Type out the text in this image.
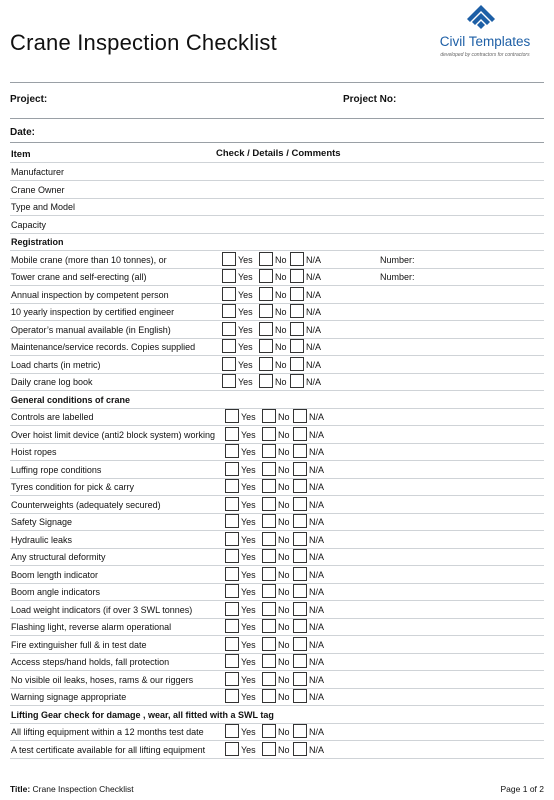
Crane Inspection Checklist	Civil Templates
developed by contractors for contractors
Project:	Project No:
Date:
Item	Check / Details / Comments
Manufacturer
Crane Owner
Type and Model
Capacity
Registration
Mobile crane (more than 10 tonnes), or	Yes No N/A	Number:
Tower crane and self-erecting (all)	Yes No N/A	Number:
Annual inspection by competent person	Yes No N/A
10 yearly inspection by certified engineer	Yes No N/A
Operator’s manual available (in English)	Yes No N/A
Maintenance/service records. Copies supplied	Yes No N/A
Load charts (in metric)	Yes No N/A
Daily crane log book	Yes No N/A
General conditions of crane
Controls are labelled	Yes No N/A
Over hoist limit device (anti2 block system) working	Yes No N/A
Hoist ropes	Yes No N/A
Luffing rope conditions	Yes No N/A
Tyres condition for pick & carry	Yes No N/A
Counterweights (adequately secured)	Yes No N/A
Safety Signage	Yes No N/A
Hydraulic leaks	Yes No N/A
Any structural deformity	Yes No N/A
Boom length indicator	Yes No N/A
Boom angle indicators	Yes No N/A
Load weight indicators (if over 3 SWL tonnes)	Yes No N/A
Flashing light, reverse alarm operational	Yes No N/A
Fire extinguisher full & in test date	Yes No N/A
Access steps/hand holds, fall protection	Yes No N/A
No visible oil leaks, hoses, rams & our riggers	Yes No N/A
Warning signage appropriate	Yes No N/A
Lifting Gear check for damage , wear, all fitted with a SWL tag
All lifting equipment within a 12 months test date	Yes No N/A
A test certificate available for all lifting equipment	Yes No N/A
Title: Crane Inspection Checklist	Page 1 of 2
